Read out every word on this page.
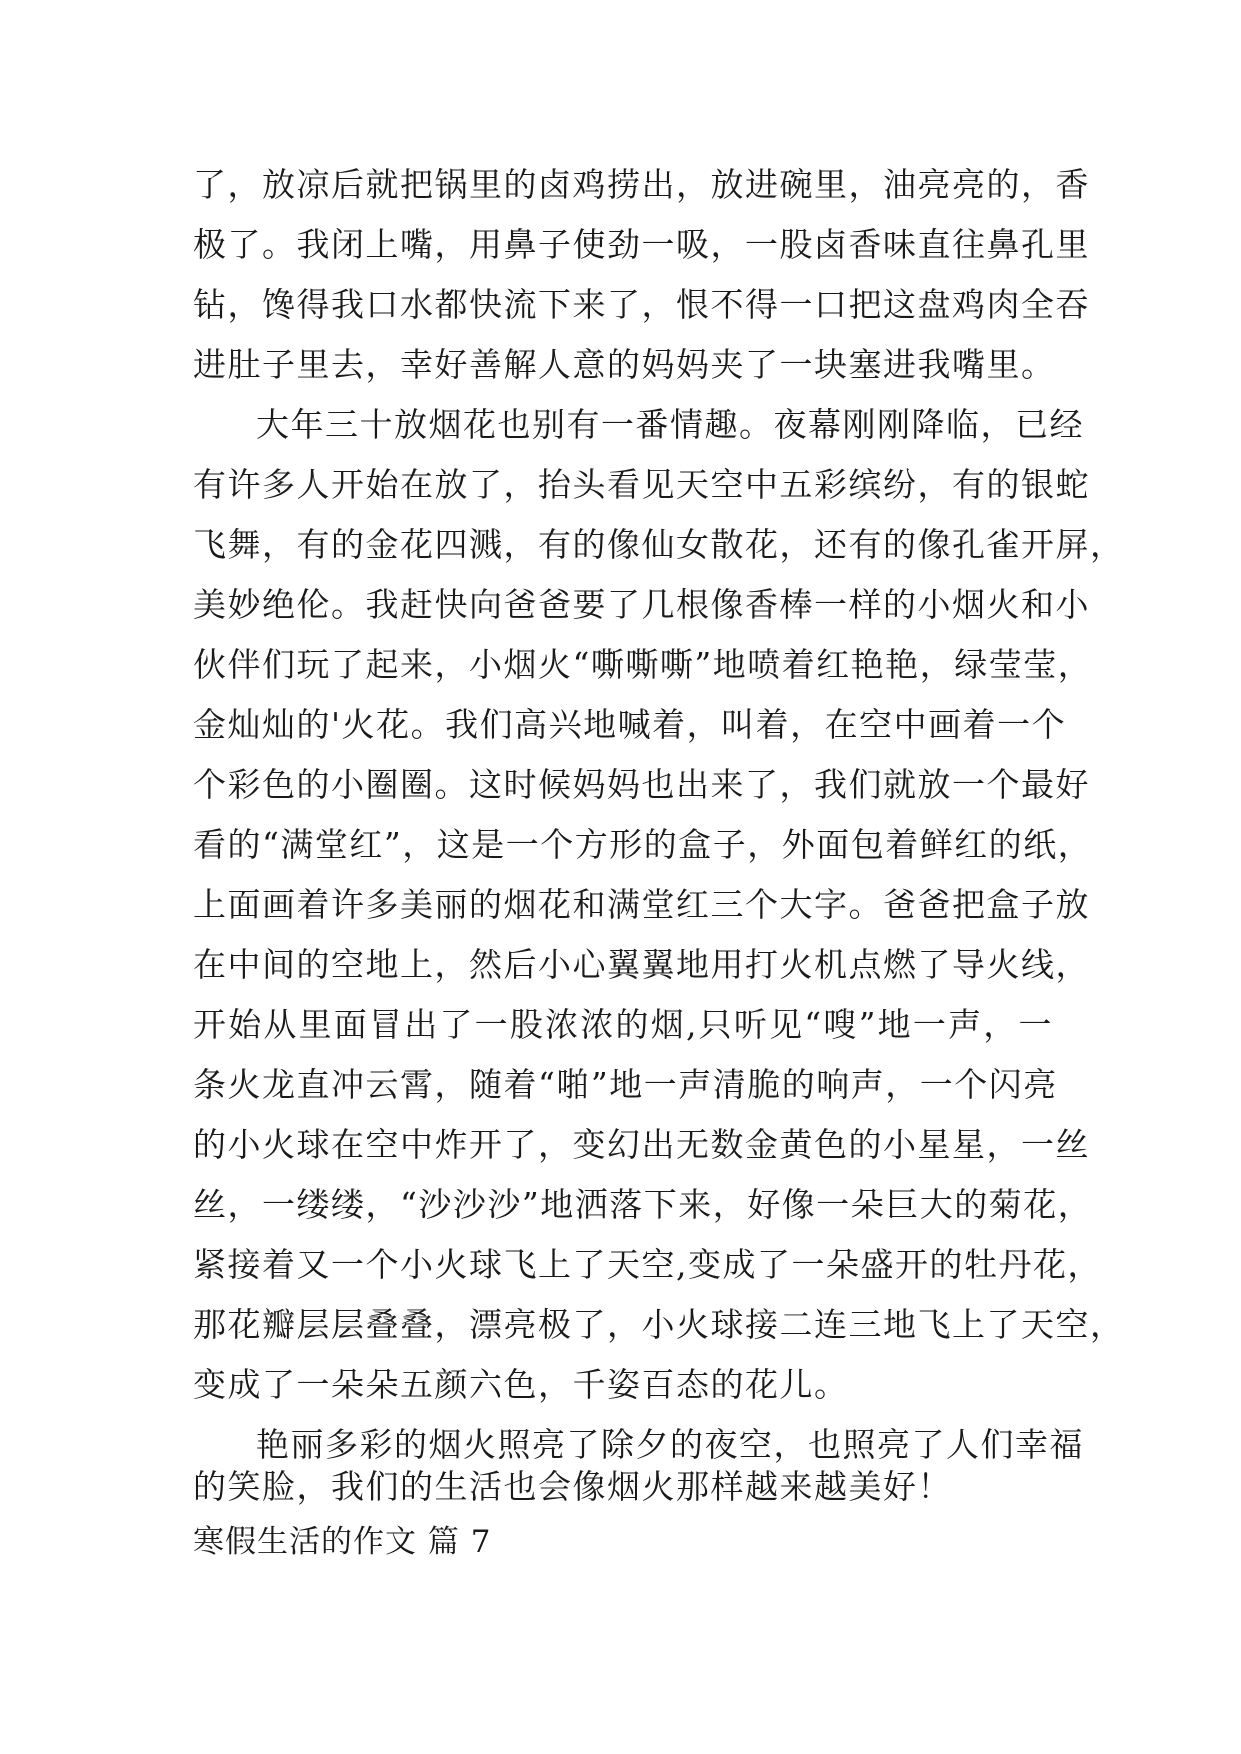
了，放凉后就把锅里的卤鸡捞出，放进碗里，油亮亮的，香
极了。我闭上嘴，用鼻子使劲一吸，一股卤香味直往鼻孔里
钻，馋得我口水都快流下来了，恨不得一口把这盘鸡肉全吞
进肚子里去，幸好善解人意的妈妈夹了一块塞进我嘴里。
大年三十放烟花也别有一番情趣。夜幕刚刚降临，已经
有许多人开始在放了，抬头看见天空中五彩缤纷，有的银蛇
飞舞，有的金花四溅，有的像仙女散花，还有的像孔雀开屏，
美妙绝伦。我赶快向爸爸要了几根像香棒一样的小烟火和小
伙伴们玩了起来，小烟火“嘶嘶嘶”地喷着红艳艳，绿莹莹，
金灿灿的'火花。我们高兴地喊着，叫着，在空中画着一个
个彩色的小圈圈。这时候妈妈也出来了，我们就放一个最好
看的“满堂红”，这是一个方形的盒子，外面包着鲜红的纸，
上面画着许多美丽的烟花和满堂红三个大字。爸爸把盒子放
在中间的空地上，然后小心翼翼地用打火机点燃了导火线，
开始从里面冒出了一股浓浓的烟,只听见“嗖”地一声，一
条火龙直冲云霄，随着“啪”地一声清脆的响声，一个闪亮
的小火球在空中炸开了，变幻出无数金黄色的小星星，一丝
丝，一缕缕，“沙沙沙”地洒落下来，好像一朵巨大的菊花，
紧接着又一个小火球飞上了天空,变成了一朵盛开的牡丹花，
那花瓣层层叠叠，漂亮极了，小火球接二连三地飞上了天空，
变成了一朵朵五颜六色，千姿百态的花儿。
艳丽多彩的烟火照亮了除夕的夜空，也照亮了人们幸福
的笑脸，我们的生活也会像烟火那样越来越美好！
寒假生活的作文 篇 7
